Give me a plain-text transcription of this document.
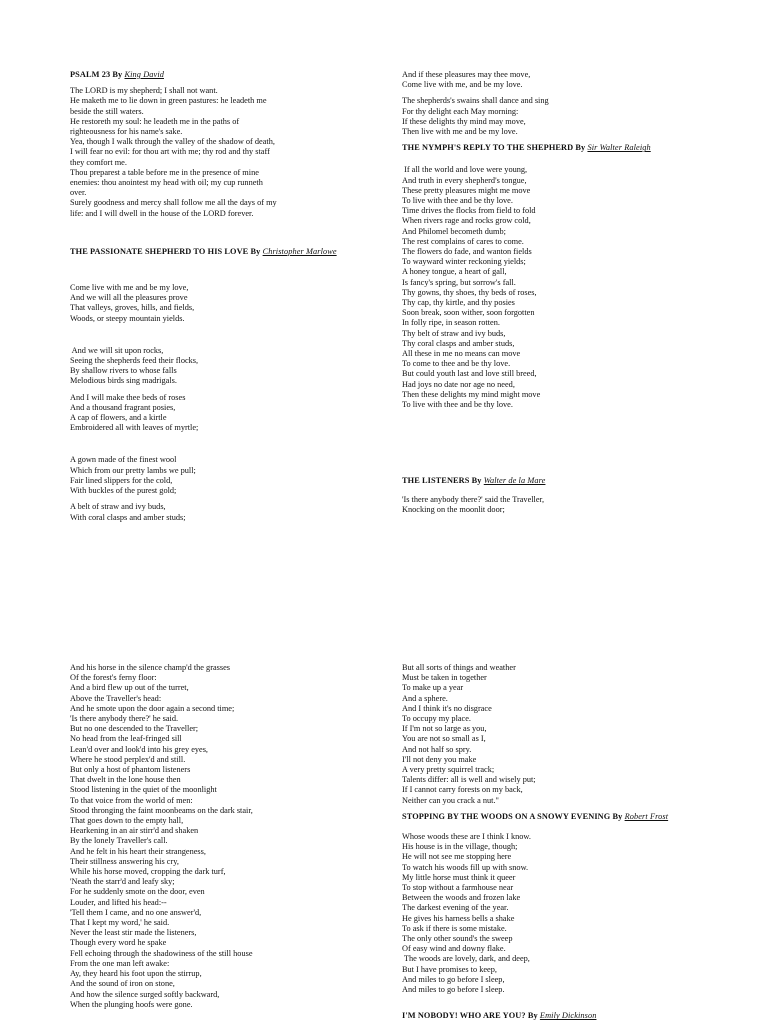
PSALM 23 By King David
The LORD is my shepherd; I shall not want.
He maketh me to lie down in green pastures: he leadeth me
beside the still waters.
He restoreth my soul: he leadeth me in the paths of
righteousness for his name's sake.
Yea, though I walk through the valley of the shadow of death,
I will fear no evil: for thou art with me; thy rod and thy staff
they comfort me.
Thou preparest a table before me in the presence of mine
enemies: thou anointest my head with oil; my cup runneth
over.
Surely goodness and mercy shall follow me all the days of my
life: and I will dwell in the house of the LORD forever.
THE PASSIONATE SHEPHERD TO HIS LOVE By Christopher Marlowe
Come live with me and be my love,
And we will all the pleasures prove
That valleys, groves, hills, and fields,
Woods, or steepy mountain yields.
And we will sit upon rocks,
Seeing the shepherds feed their flocks,
By shallow rivers to whose falls
Melodious birds sing madrigals.
And I will make thee beds of roses
And a thousand fragrant posies,
A cap of flowers, and a kirtle
Embroidered all with leaves of myrtle;
A gown made of the finest wool
Which from our pretty lambs we pull;
Fair lined slippers for the cold,
With buckles of the purest gold;
A belt of straw and ivy buds,
With coral clasps and amber studs;
And if these pleasures may thee move,
Come live with me, and be my love.
The shepherds's swains shall dance and sing
For thy delight each May morning:
If these delights thy mind may move,
Then live with me and be my love.
THE NYMPH'S REPLY TO THE SHEPHERD By Sir Walter Raleigh
If all the world and love were young,
And truth in every shepherd's tongue,
These pretty pleasures might me move
To live with thee and be thy love.
Time drives the flocks from field to fold
When rivers rage and rocks grow cold,
And Philomel becometh dumb;
The rest complains of cares to come.
The flowers do fade, and wanton fields
To wayward winter reckoning yields;
A honey tongue, a heart of gall,
Is fancy's spring, but sorrow's fall.
Thy gowns, thy shoes, thy beds of roses,
Thy cap, thy kirtle, and thy posies
Soon break, soon wither, soon forgotten
In folly ripe, in season rotten.
Thy belt of straw and ivy buds,
Thy coral clasps and amber studs,
All these in me no means can move
To come to thee and be thy love.
But could youth last and love still breed,
Had joys no date nor age no need,
Then these delights my mind might move
To live with thee and be thy love.
THE LISTENERS By Walter de la Mare
'Is there anybody there?' said the Traveller,
Knocking on the moonlit door;
And his horse in the silence champ'd the grasses
Of the forest's ferny floor:
And a bird flew up out of the turret,
Above the Traveller's head:
And he smote upon the door again a second time;
'Is there anybody there?' he said.
But no one descended to the Traveller;
No head from the leaf-fringed sill
Lean'd over and look'd into his grey eyes,
Where he stood perplex'd and still.
But only a host of phantom listeners
That dwelt in the lone house then
Stood listening in the quiet of the moonlight
To that voice from the world of men:
Stood thronging the faint moonbeams on the dark stair,
That goes down to the empty hall,
Hearkening in an air stirr'd and shaken
By the lonely Traveller's call.
And he felt in his heart their strangeness,
Their stillness answering his cry,
While his horse moved, cropping the dark turf,
'Neath the starr'd and leafy sky;
For he suddenly smote on the door, even
Louder, and lifted his head:--
'Tell them I came, and no one answer'd,
That I kept my word,' he said.
Never the least stir made the listeners,
Though every word he spake
Fell echoing through the shadowiness of the still house
From the one man left awake:
Ay, they heard his foot upon the stirrup,
And the sound of iron on stone,
And how the silence surged softly backward,
When the plunging hoofs were gone.
But all sorts of things and weather
Must be taken in together
To make up a year
And a sphere.
And I think it's no disgrace
To occupy my place.
If I'm not so large as you,
You are not so small as I,
And not half so spry.
I'll not deny you make
A very pretty squirrel track;
Talents differ: all is well and wisely put;
If I cannot carry forests on my back,
Neither can you crack a nut."
STOPPING BY THE WOODS ON A SNOWY EVENING By Robert Frost
Whose woods these are I think I know.
His house is in the village, though;
He will not see me stopping here
To watch his woods fill up with snow.
My little horse must think it queer
To stop without a farmhouse near
Between the woods and frozen lake
The darkest evening of the year.
He gives his harness bells a shake
To ask if there is some mistake.
The only other sound's the sweep
Of easy wind and downy flake.
The woods are lovely, dark, and deep,
But I have promises to keep,
And miles to go before I sleep,
And miles to go before I sleep.
I'M NOBODY! WHO ARE YOU? By Emily Dickinson
